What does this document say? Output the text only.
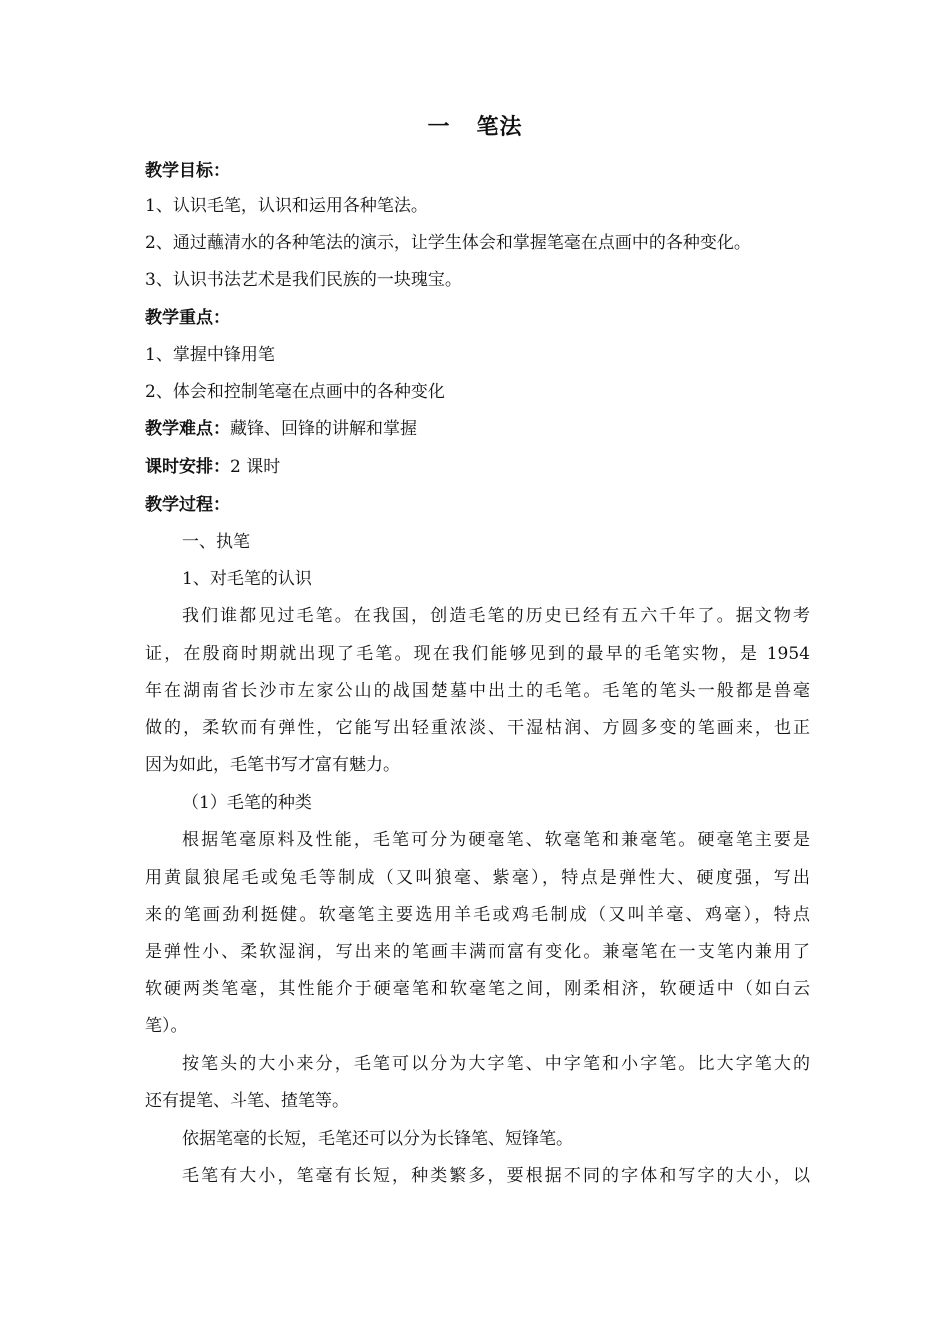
一   笔法
教学目标：
1、认识毛笔，认识和运用各种笔法。
2、通过蘸清水的各种笔法的演示，让学生体会和掌握笔毫在点画中的各种变化。
3、认识书法艺术是我们民族的一块瑰宝。
教学重点：
1、掌握中锋用笔
2、体会和控制笔毫在点画中的各种变化
教学难点：藏锋、回锋的讲解和掌握
课时安排：2 课时
教学过程：
一、执笔
1、对毛笔的认识
我们谁都见过毛笔。在我国，创造毛笔的历史已经有五六千年了。据文物考
证，在殷商时期就出现了毛笔。现在我们能够见到的最早的毛笔实物，是 1954
年在湖南省长沙市左家公山的战国楚墓中出土的毛笔。毛笔的笔头一般都是兽毫
做的，柔软而有弹性，它能写出轻重浓淡、干湿枯润、方圆多变的笔画来，也正
因为如此，毛笔书写才富有魅力。
（1）毛笔的种类
根据笔毫原料及性能，毛笔可分为硬毫笔、软毫笔和兼毫笔。硬毫笔主要是
用黄鼠狼尾毛或兔毛等制成（又叫狼毫、紫毫），特点是弹性大、硬度强，写出
来的笔画劲利挺健。软毫笔主要选用羊毛或鸡毛制成（又叫羊毫、鸡毫），特点
是弹性小、柔软湿润，写出来的笔画丰满而富有变化。兼毫笔在一支笔内兼用了
软硬两类笔毫，其性能介于硬毫笔和软毫笔之间，刚柔相济，软硬适中（如白云
笔）。
按笔头的大小来分，毛笔可以分为大字笔、中字笔和小字笔。比大字笔大的
还有提笔、斗笔、揸笔等。
依据笔毫的长短，毛笔还可以分为长锋笔、短锋笔。
毛笔有大小，笔毫有长短，种类繁多，要根据不同的字体和写字的大小，以
